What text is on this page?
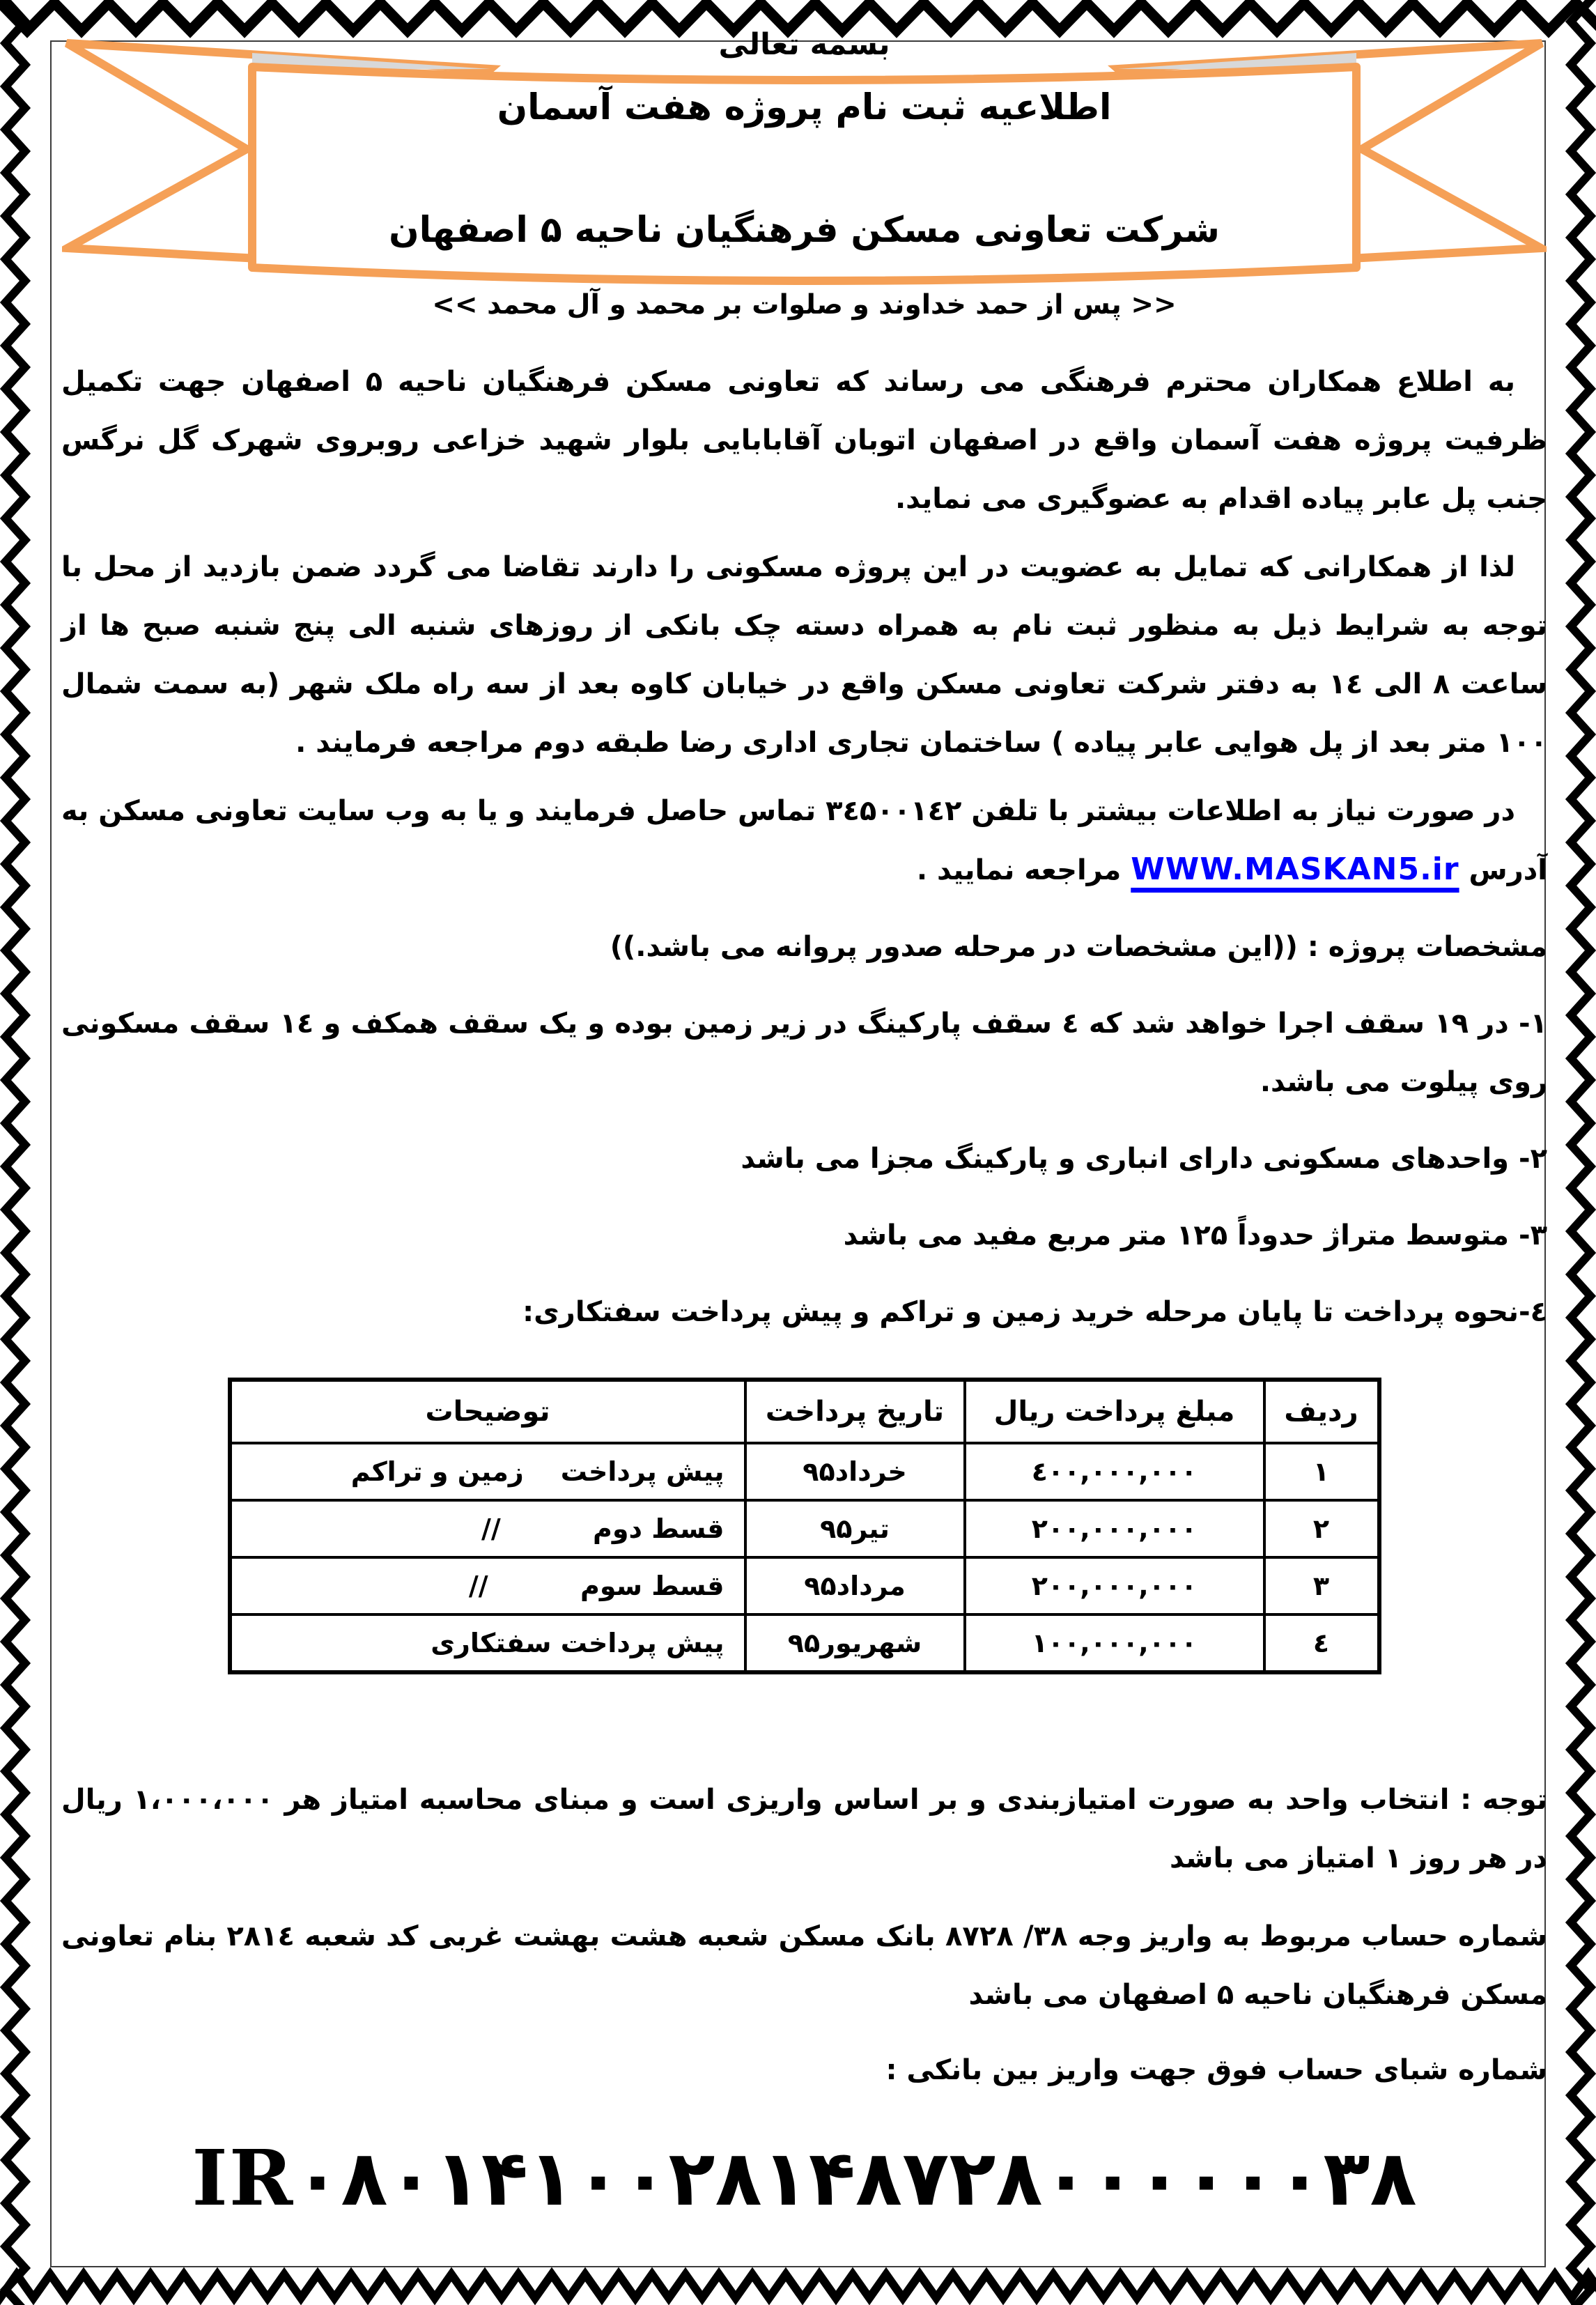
بسمه تعالی
اطلاعیه ثبت نام پروژه هفت آسمان
شرکت تعاونی مسکن فرهنگیان ناحیه ۵ اصفهان
<< پس از حمد خداوند و صلوات بر محمد و آل محمد >>

به اطلاع همکاران محترم فرهنگی می رساند که تعاونی مسکن فرهنگیان ناحیه ۵ اصفهان جهت تکمیل ظرفیت پروژه هفت آسمان واقع در اصفهان اتوبان آقابابایی بلوار شهید خزاعی روبروی شهرک گل نرگس جنب پل عابر پیاده اقدام به عضوگیری می نماید.

لذا از همکارانی که تمایل به عضویت در این پروژه مسکونی را دارند تقاضا می گردد ضمن بازدید از محل با توجه به شرایط ذیل به منظور ثبت نام به همراه دسته چک بانکی از روزهای شنبه الی پنج شنبه صبح ها از ساعت ۸ الی ۱٤ به دفتر شرکت تعاونی مسکن واقع در خیابان کاوه بعد از سه راه ملک شهر (به سمت شمال ۱۰۰ متر بعد از پل هوایی عابر پیاده ) ساختمان تجاری اداری رضا طبقه دوم مراجعه فرمایند .

در صورت نیاز به اطلاعات بیشتر با تلفن ۳٤۵۰۰۱٤۲ تماس حاصل فرمایند و یا به وب سایت تعاونی مسکن به آدرس WWW.MASKAN5.ir مراجعه نمایید .

مشخصات پروژه : ((این مشخصات در مرحله صدور پروانه می باشد.))

۱- در ۱۹ سقف اجرا خواهد شد که ٤ سقف پارکینگ در زیر زمین بوده و یک سقف همکف و ۱٤ سقف مسکونی روی پیلوت می باشد.

۲- واحدهای مسکونی دارای انباری و پارکینگ مجزا می باشد

۳- متوسط متراژ حدوداً ۱۲۵ متر مربع مفید می باشد

٤-نحوه پرداخت تا پایان مرحله خرید زمین و تراکم و پیش پرداخت سفتکاری:

ردیف	مبلغ پرداخت ریال	تاریخ پرداخت	توضیحات
۱	٤۰۰,۰۰۰,۰۰۰	خرداد۹۵	پیش پرداخت    زمین و تراکم
۲	۲۰۰,۰۰۰,۰۰۰	تیر۹۵	قسط دوم          //
۳	۲۰۰,۰۰۰,۰۰۰	مرداد۹۵	قسط سوم          //
٤	۱۰۰,۰۰۰,۰۰۰	شهریور۹۵	پیش پرداخت سفتکاری

توجه : انتخاب واحد به صورت امتیازبندی و بر اساس واریزی است و مبنای محاسبه امتیاز هر ۱،۰۰۰،۰۰۰ ریال در هر روز ۱ امتیاز می باشد

شماره حساب مربوط به واریز وجه ۳۸/ ۸۷۲۸ بانک مسکن شعبه هشت بهشت غربی کد شعبه ۲۸۱٤ بنام تعاونی مسکن فرهنگیان ناحیه ۵ اصفهان می باشد

شماره شبای حساب فوق جهت واریز بین بانکی :

IR۰۸۰۱۴۱۰۰۲۸۱۴۸۷۲۸۰۰۰۰۰۰۳۸
